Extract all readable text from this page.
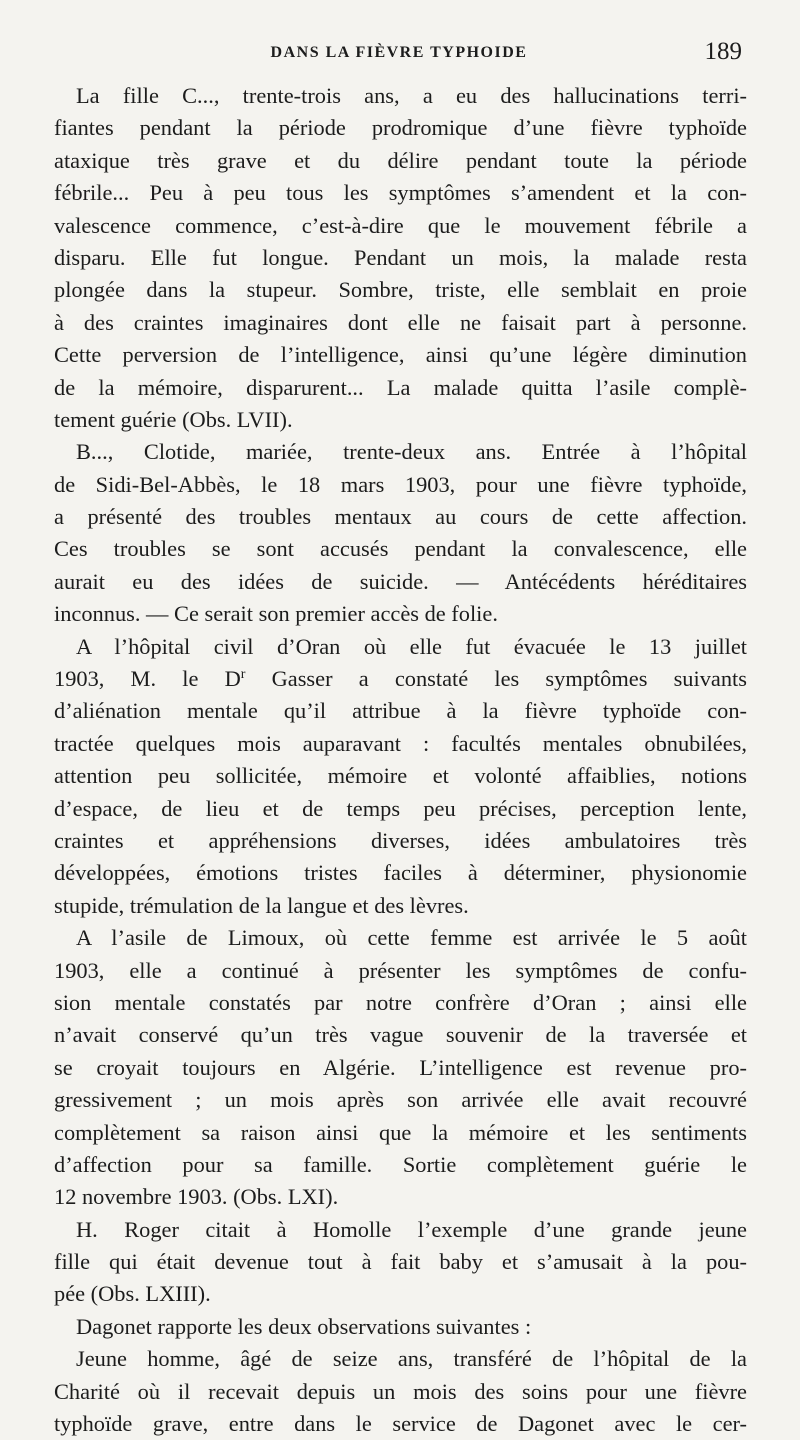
DANS LA FIÈVRE TYPHOIDE	189
La fille C..., trente-trois ans, a eu des hallucinations terri-
fiantes pendant la période prodromique d’une fièvre typhoïde
ataxique très grave et du délire pendant toute la période
fébrile... Peu à peu tous les symptômes s’amendent et la con-
valescence commence, c’est-à-dire que le mouvement fébrile a
disparu. Elle fut longue. Pendant un mois, la malade resta
plongée dans la stupeur. Sombre, triste, elle semblait en proie
à des craintes imaginaires dont elle ne faisait part à personne.
Cette perversion de l’intelligence, ainsi qu’une légère diminution
de la mémoire, disparurent... La malade quitta l’asile complè-
tement guérie (Obs. LVII).
B..., Clotide, mariée, trente-deux ans. Entrée à l’hôpital
de Sidi-Bel-Abbès, le 18 mars 1903, pour une fièvre typhoïde,
a présenté des troubles mentaux au cours de cette affection.
Ces troubles se sont accusés pendant la convalescence, elle
aurait eu des idées de suicide. — Antécédents héréditaires
inconnus. — Ce serait son premier accès de folie.
A l’hôpital civil d’Oran où elle fut évacuée le 13 juillet
1903, M. le $D^r$ Gasser a constaté les symptômes suivants
d’aliénation mentale qu’il attribue à la fièvre typhoïde con-
tractée quelques mois auparavant : facultés mentales obnubilées,
attention peu sollicitée, mémoire et volonté affaiblies, notions
d’espace, de lieu et de temps peu précises, perception lente,
craintes et appréhensions diverses, idées ambulatoires très
développées, émotions tristes faciles à déterminer, physionomie
stupide, trémulation de la langue et des lèvres.
A l’asile de Limoux, où cette femme est arrivée le 5 août
1903, elle a continué à présenter les symptômes de confu-
sion mentale constatés par notre confrère d’Oran ; ainsi elle
n’avait conservé qu’un très vague souvenir de la traversée et
se croyait toujours en Algérie. L’intelligence est revenue pro-
gressivement ; un mois après son arrivée elle avait recouvré
complètement sa raison ainsi que la mémoire et les sentiments
d’affection pour sa famille. Sortie complètement guérie le
12 novembre 1903. (Obs. LXI).
H. Roger citait à Homolle l’exemple d’une grande jeune
fille qui était devenue tout à fait baby et s’amusait à la pou-
pée (Obs. LXIII).
Dagonet rapporte les deux observations suivantes :
Jeune homme, âgé de seize ans, transféré de l’hôpital de la
Charité où il recevait depuis un mois des soins pour une fièvre
typhoïde grave, entre dans le service de Dagonet avec le cer-
